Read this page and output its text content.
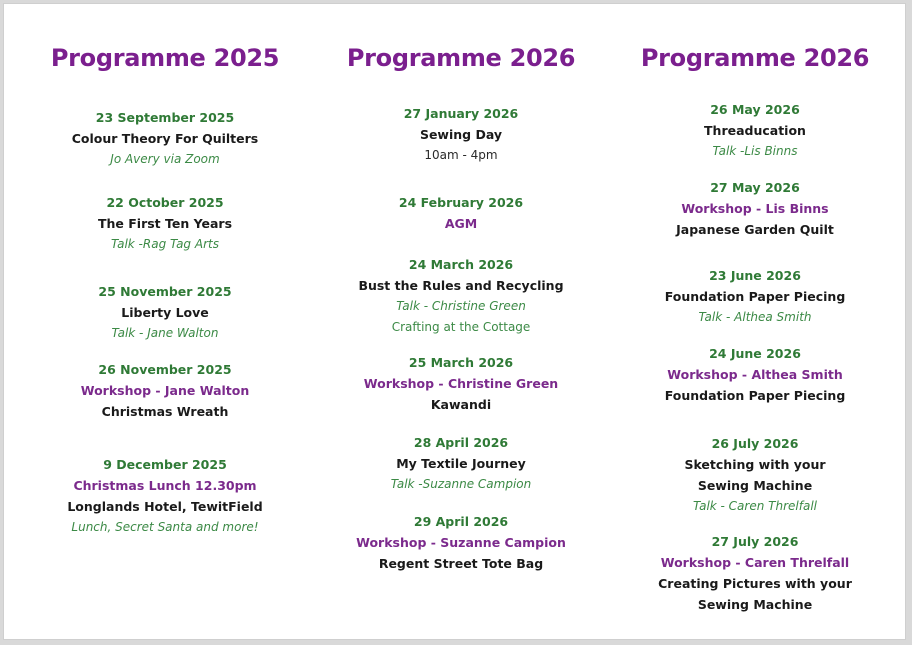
Programme 2025
23 September 2025
Colour Theory For Quilters
Jo Avery via Zoom
22 October 2025
The First Ten Years
Talk -Rag Tag Arts
25 November 2025
Liberty Love
Talk - Jane Walton
26 November 2025
Workshop - Jane Walton
Christmas Wreath
9 December 2025
Christmas Lunch 12.30pm
Longlands Hotel, TewitField
Lunch, Secret Santa and more!
Programme 2026
27 January 2026
Sewing Day
10am - 4pm
24 February 2026
AGM
24 March 2026
Bust the Rules and Recycling
Talk - Christine Green
Crafting at the Cottage
25 March 2026
Workshop - Christine Green
Kawandi
28 April 2026
My Textile Journey
Talk -Suzanne Campion
29 April 2026
Workshop - Suzanne Campion
Regent Street Tote Bag
Programme 2026
26 May 2026
Threaducation
Talk -Lis Binns
27 May 2026
Workshop - Lis Binns
Japanese Garden Quilt
23 June 2026
Foundation Paper Piecing
Talk - Althea Smith
24 June 2026
Workshop - Althea Smith
Foundation Paper Piecing
26 July 2026
Sketching with your
Sewing Machine
Talk - Caren Threlfall
27 July 2026
Workshop - Caren Threlfall
Creating Pictures with your
Sewing Machine
